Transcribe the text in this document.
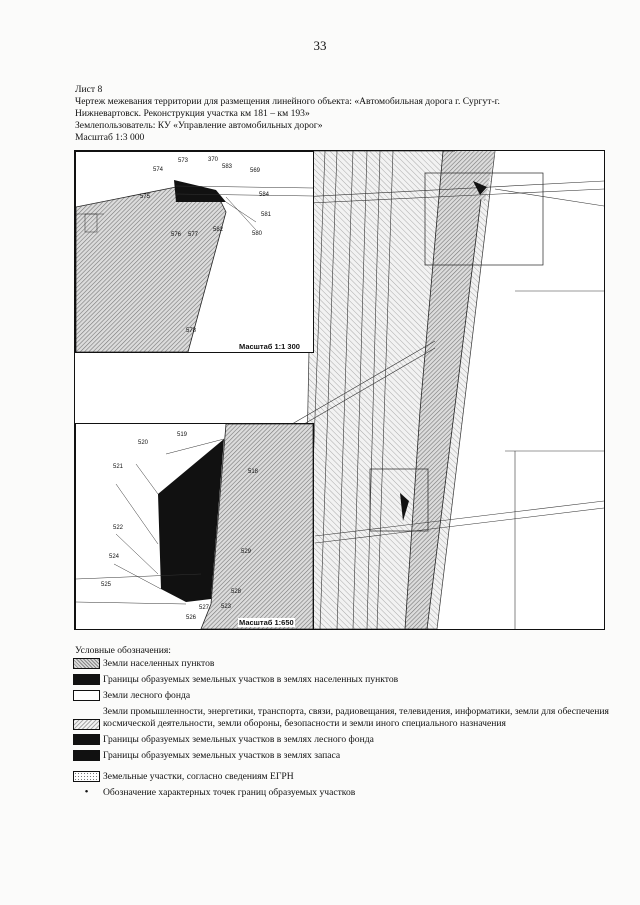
33
Лист 8
Чертеж межевания территории для размещения линейного объекта: «Автомобильная дорога г. Сургут-г.
Нижневартовск. Реконструкция участка км 181 – км 193»
Землепользователь: КУ «Управление автомобильных дорог»
Масштаб 1:3 000
573	370
583
569
574
575	584
581
582
576 577	580
578
Масштаб 1:1 300
519
520
518
521
522
524
529
525
528
527 523
526	Масштаб 1:650
Условные обозначения:
Земли населенных пунктов
Границы образуемых земельных участков в землях населенных пунктов
Земли лесного фонда
Земли промышленности, энергетики, транспорта, связи, радиовещания, телевидения, информатики, земли для обеспечения космической деятельности, земли обороны, безопасности и земли иного специального назначения
Границы образуемых земельных участков в землях лесного фонда
Границы образуемых земельных участков в землях запаса
Земельные участки, согласно сведениям ЕГРН
•	Обозначение характерных точек границ образуемых участков
